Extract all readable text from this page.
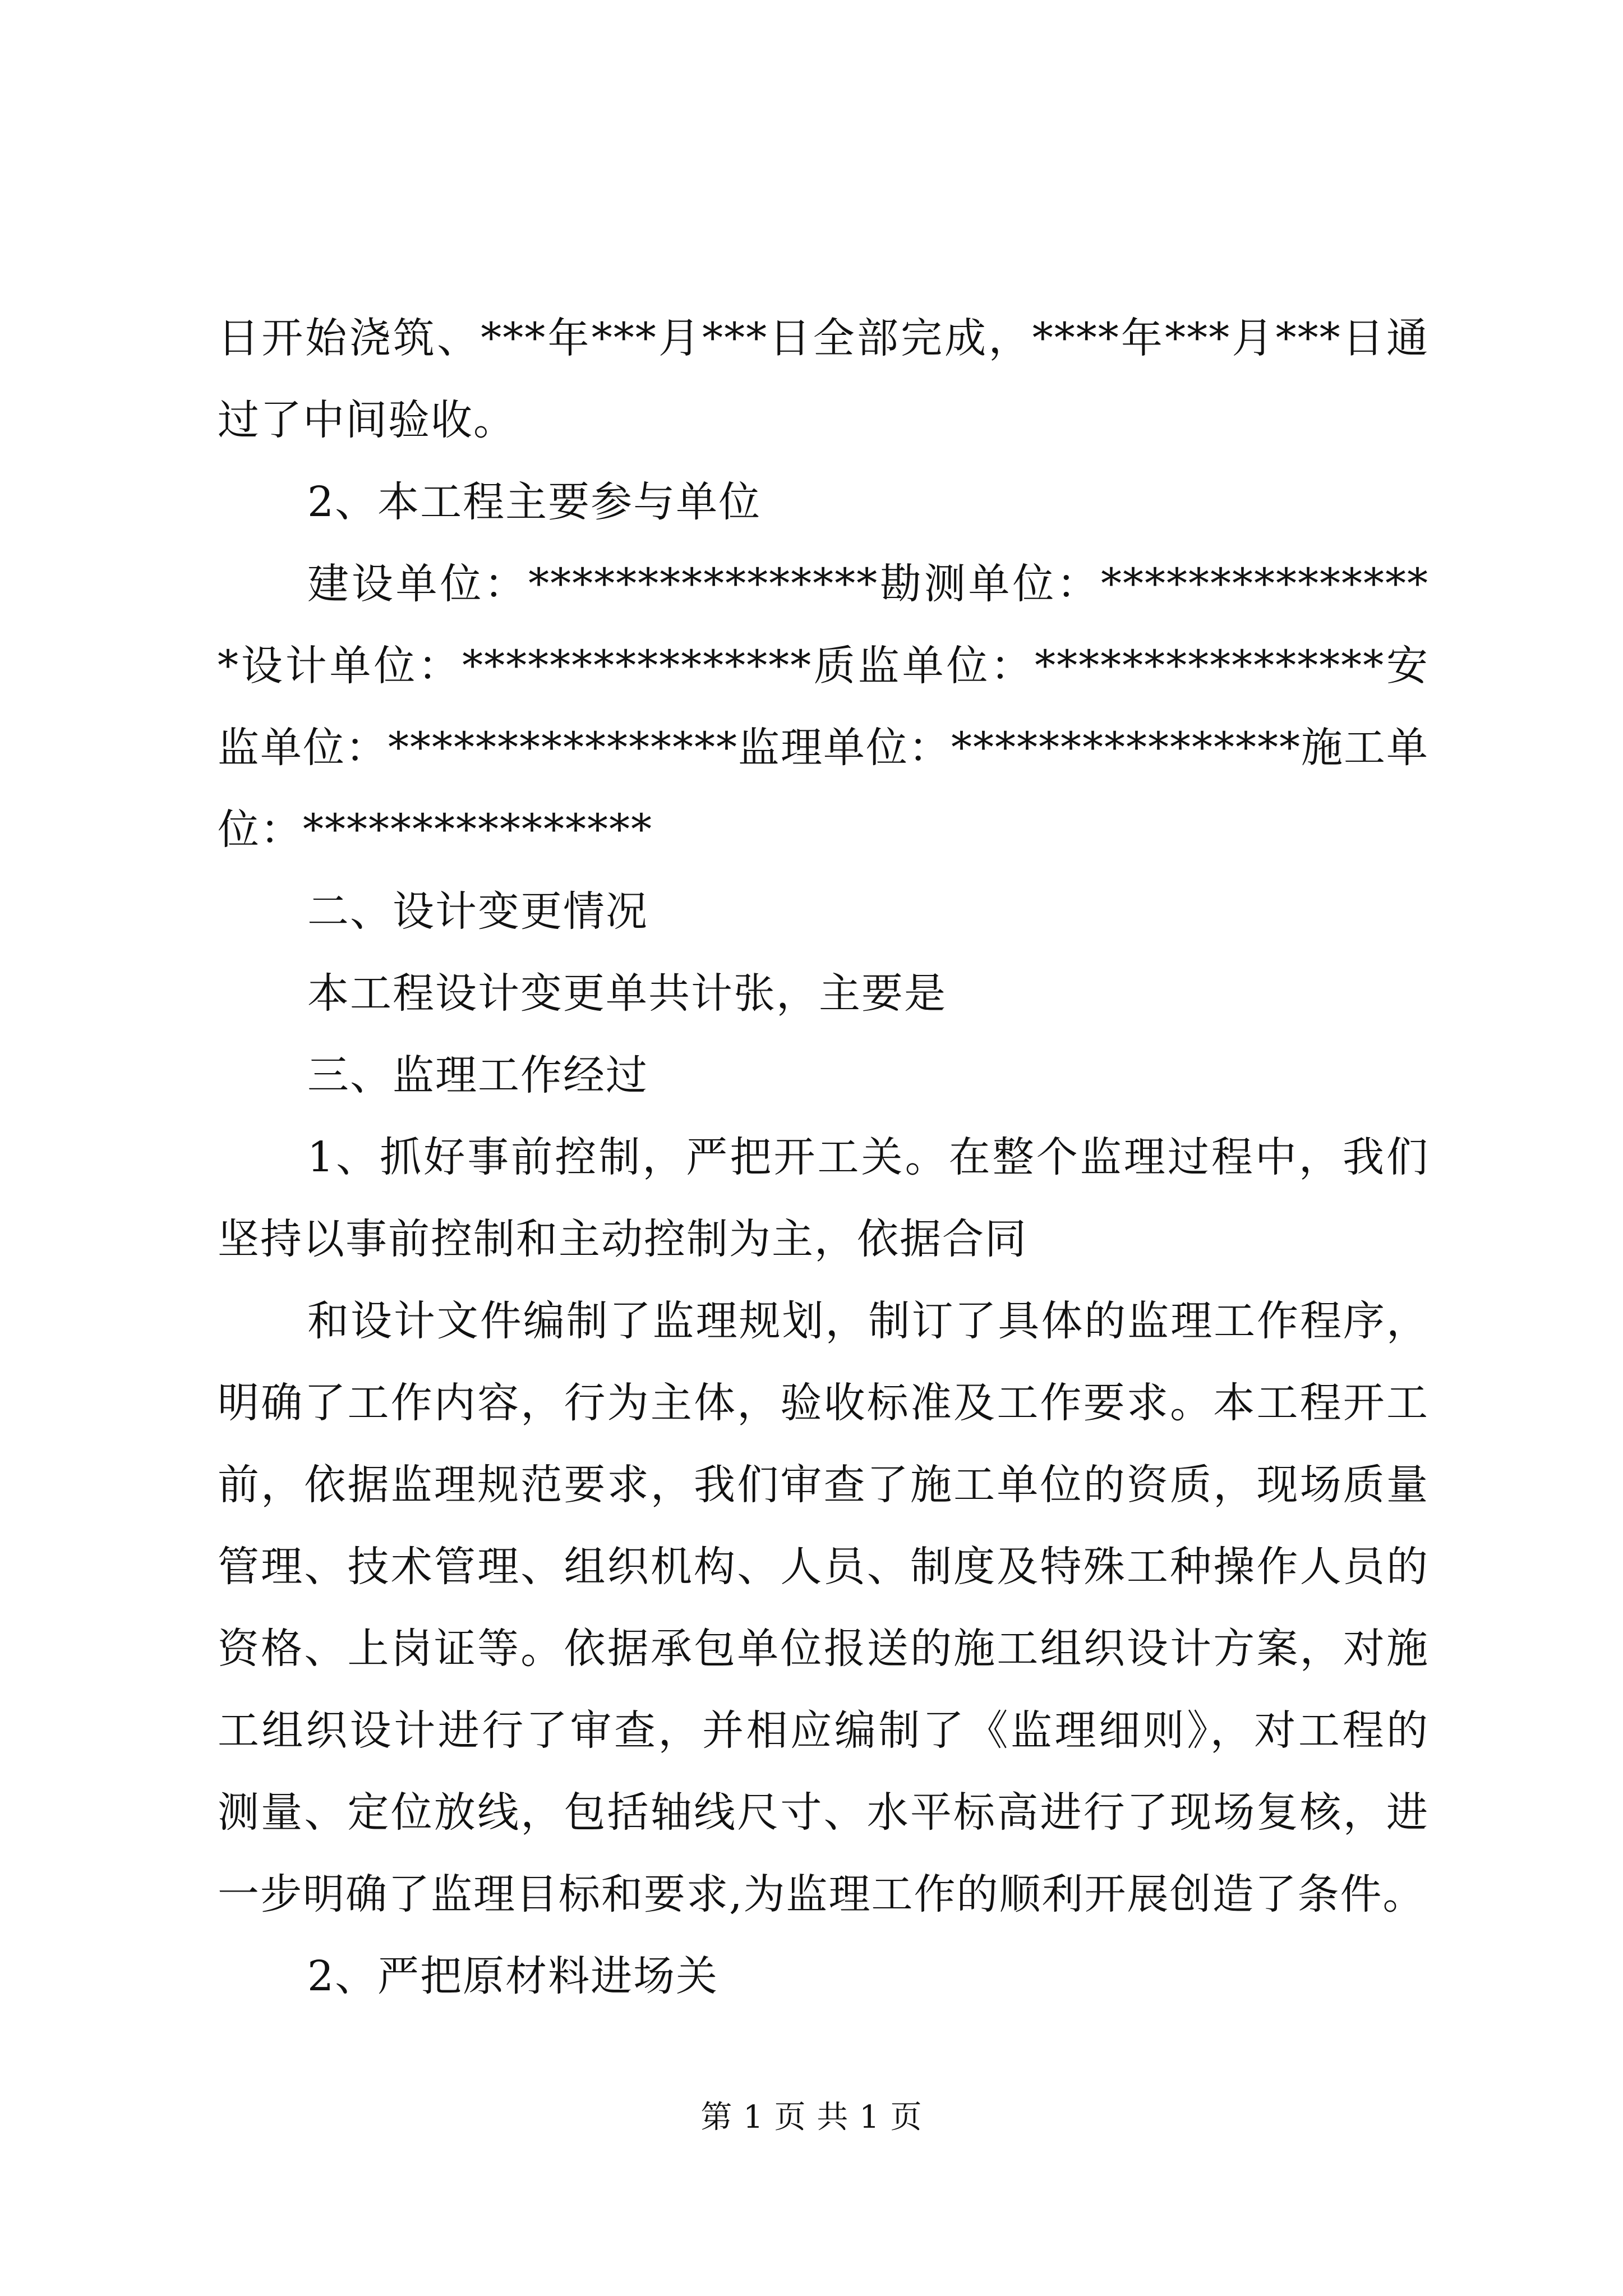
日开始浇筑、***年***月***日全部完成，****年***月***日通过了中间验收。

2、本工程主要参与单位

建设单位：****************勘测单位：****************设计单位：****************质监单位：****************安监单位：****************监理单位：****************施工单位：****************

二、设计变更情况

本工程设计变更单共计张，主要是

三、监理工作经过

1、抓好事前控制，严把开工关。在整个监理过程中，我们坚持以事前控制和主动控制为主，依据合同

和设计文件编制了监理规划，制订了具体的监理工作程序，明确了工作内容，行为主体，验收标准及工作要求。本工程开工前，依据监理规范要求，我们审查了施工单位的资质，现场质量管理、技术管理、组织机构、人员、制度及特殊工种操作人员的资格、上岗证等。依据承包单位报送的施工组织设计方案，对施工组织设计进行了审查，并相应编制了《监理细则》，对工程的测量、定位放线，包括轴线尺寸、水平标高进行了现场复核，进一步明确了监理目标和要求,为监理工作的顺利开展创造了条件。

2、严把原材料进场关

第 1 页 共 1 页
